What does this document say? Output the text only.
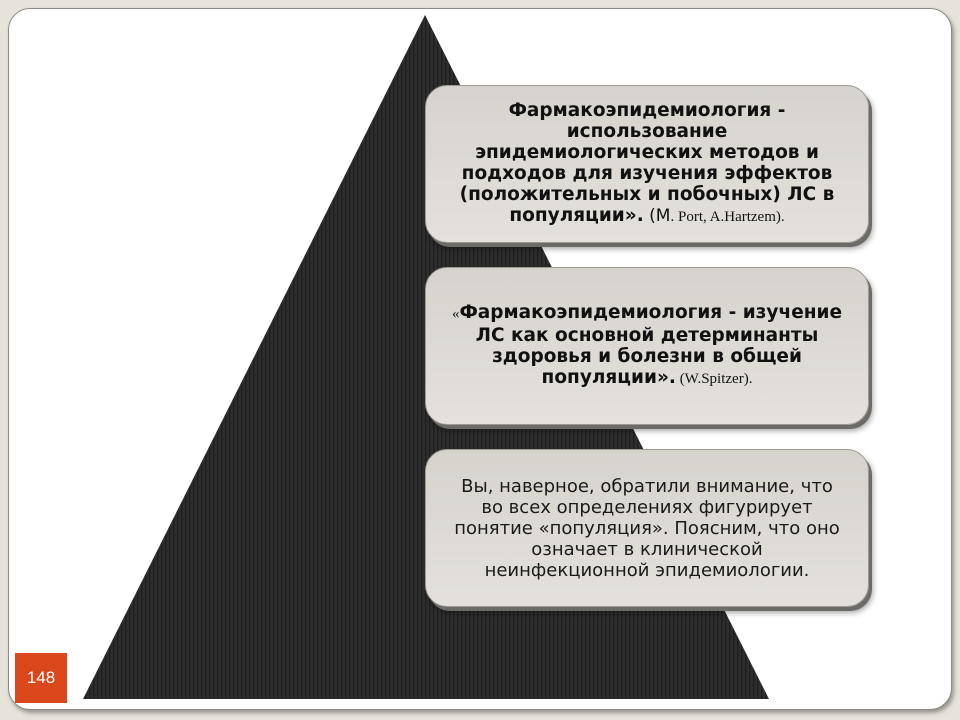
Фармакоэпидемиология - использование эпидемиологических методов и подходов для изучения эффектов (положительных и побочных) ЛС в популяции». (М. Port, A.Hartzem).

«Фармакоэпидемиология - изучение ЛС как основной детерминанты здоровья и болезни в общей популяции». (W.Spitzer).

Вы, наверное, обратили внимание, что во всех определениях фигурирует понятие «популяция». Поясним, что оно означает в клинической неинфекционной эпидемиологии.

148
